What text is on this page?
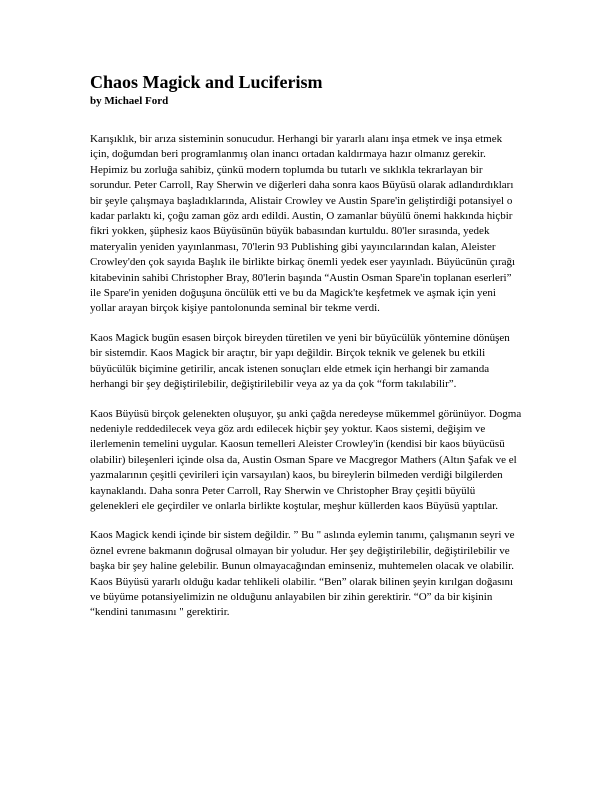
Chaos Magick and Luciferism
by Michael Ford

Karışıklık, bir arıza sisteminin sonucudur. Herhangi bir yararlı alanı inşa etmek ve inşa etmek için, doğumdan beri programlanmış olan inancı ortadan kaldırmaya hazır olmanız gerekir. Hepimiz bu zorluğa sahibiz, çünkü modern toplumda bu tutarlı ve sıklıkla tekrarlayan bir sorundur. Peter Carroll, Ray Sherwin ve diğerleri daha sonra kaos Büyüsü olarak adlandırdıkları bir şeyle çalışmaya başladıklarında, Alistair Crowley ve Austin Spare'in geliştirdiği potansiyel o kadar parlaktı ki, çoğu zaman göz ardı edildi. Austin, O zamanlar büyülü önemi hakkında hiçbir fikri yokken, şüphesiz kaos Büyüsünün büyük babasından kurtuldu. 80'ler sırasında, yedek materyalin yeniden yayınlanması, 70'lerin 93 Publishing gibi yayıncılarından kalan, Aleister Crowley'den çok sayıda Başlık ile birlikte birkaç önemli yedek eser yayınladı. Büyücünün çırağı kitabevinin sahibi Christopher Bray, 80'lerin başında “Austin Osman Spare'in toplanan eserleri” ile Spare'in yeniden doğuşuna öncülük etti ve bu da Magick'te keşfetmek ve aşmak için yeni yollar arayan birçok kişiye pantolonunda seminal bir tekme verdi.

Kaos Magick bugün esasen birçok bireyden türetilen ve yeni bir büyücülük yöntemine dönüşen bir sistemdir. Kaos Magick bir araçtır, bir yapı değildir. Birçok teknik ve gelenek bu etkili büyücülük biçimine getirilir, ancak istenen sonuçları elde etmek için herhangi bir zamanda herhangi bir şey değiştirilebilir, değiştirilebilir veya az ya da çok “form takılabilir”.

Kaos Büyüsü birçok gelenekten oluşuyor, şu anki çağda neredeyse mükemmel görünüyor. Dogma nedeniyle reddedilecek veya göz ardı edilecek hiçbir şey yoktur. Kaos sistemi, değişim ve ilerlemenin temelini uygular. Kaosun temelleri Aleister Crowley'in (kendisi bir kaos büyücüsü olabilir) bileşenleri içinde olsa da, Austin Osman Spare ve Macgregor Mathers (Altın Şafak ve el yazmalarının çeşitli çevirileri için varsayılan) kaos, bu bireylerin bilmeden verdiği bilgilerden kaynaklandı. Daha sonra Peter Carroll, Ray Sherwin ve Christopher Bray çeşitli büyülü gelenekleri ele geçirdiler ve onlarla birlikte koştular, meşhur küllerden kaos Büyüsü yaptılar.

Kaos Magick kendi içinde bir sistem değildir. ” Bu " aslında eylemin tanımı, çalışmanın seyri ve öznel evrene bakmanın doğrusal olmayan bir yoludur. Her şey değiştirilebilir, değiştirilebilir ve başka bir şey haline gelebilir. Bunun olmayacağından eminseniz, muhtemelen olacak ve olabilir. Kaos Büyüsü yararlı olduğu kadar tehlikeli olabilir. “Ben” olarak bilinen şeyin kırılgan doğasını ve büyüme potansiyelimizin ne olduğunu anlayabilen bir zihin gerektirir. “O” da bir kişinin “kendini tanımasını " gerektirir.
